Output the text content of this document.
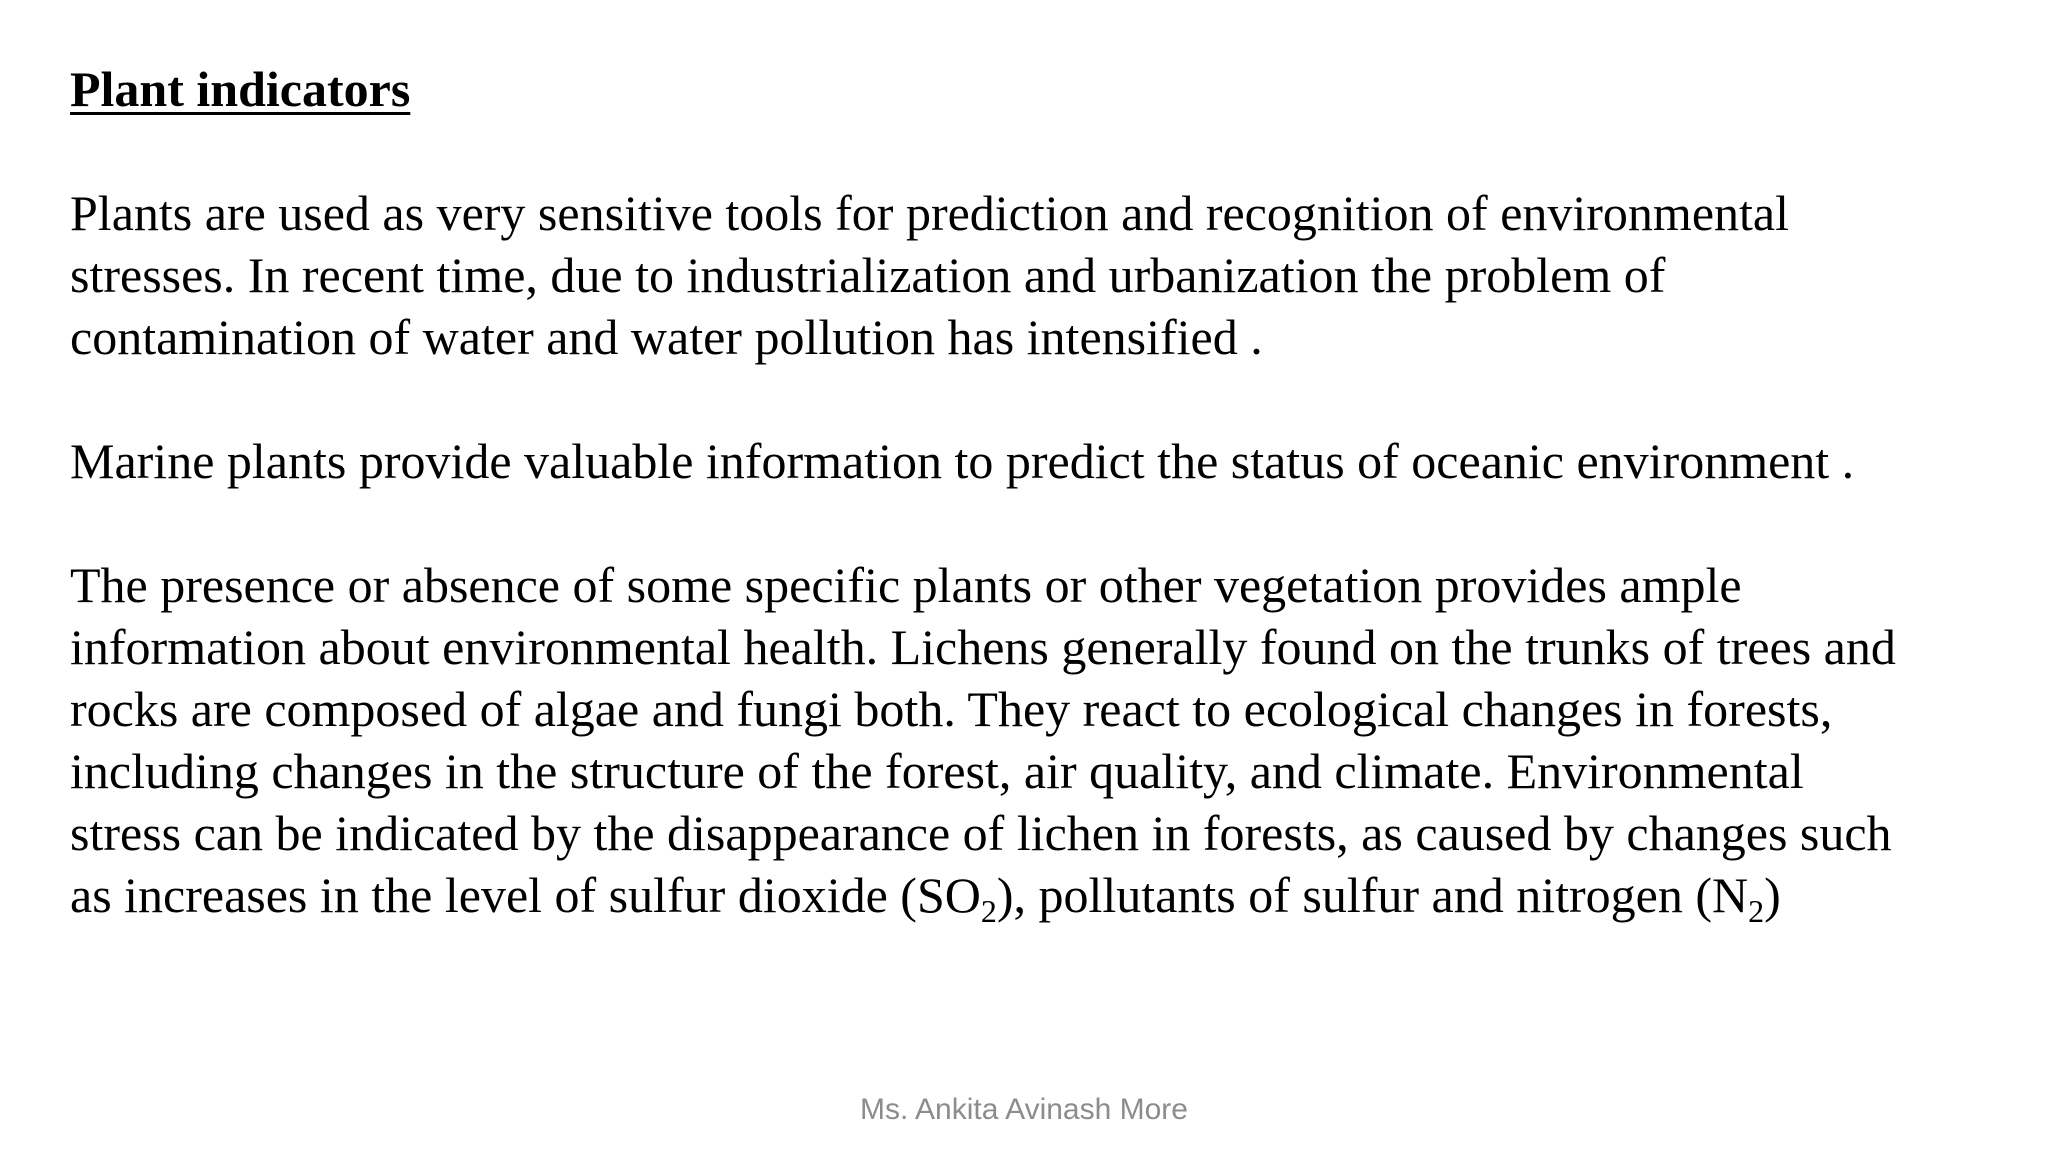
Plant indicators
Plants are used as very sensitive tools for prediction and recognition of environmental
stresses. In recent time, due to industrialization and urbanization the problem of
contamination of water and water pollution has intensified .
Marine plants provide valuable information to predict the status of oceanic environment .
The presence or absence of some specific plants or other vegetation provides ample
information about environmental health. Lichens generally found on the trunks of trees and
rocks are composed of algae and fungi both. They react to ecological changes in forests,
including changes in the structure of the forest, air quality, and climate. Environmental
stress can be indicated by the disappearance of lichen in forests, as caused by changes such
as increases in the level of sulfur dioxide $(SO_2)$, pollutants of sulfur and nitrogen $(N_2)$
Ms. Ankita Avinash More
